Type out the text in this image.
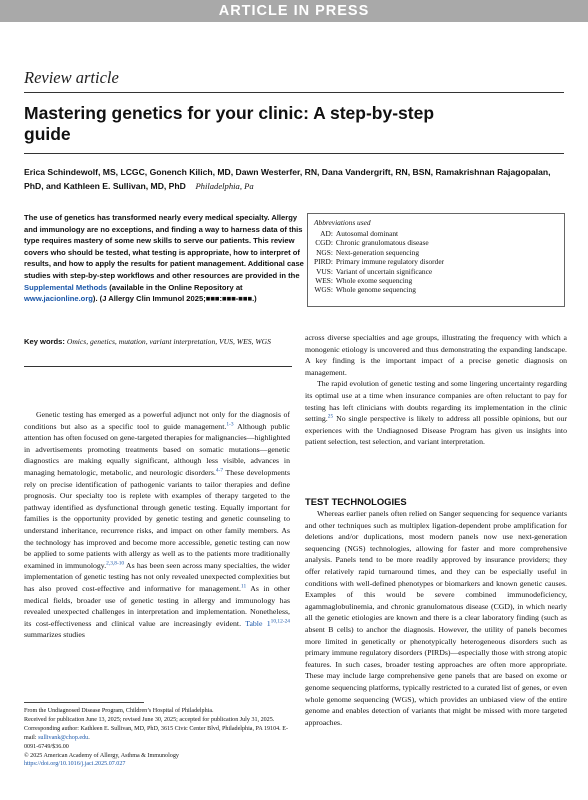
ARTICLE IN PRESS
Review article
Mastering genetics for your clinic: A step-by-step guide
Erica Schindewolf, MS, LCGC, Gonench Kilich, MD, Dawn Westerfer, RN, Dana Vandergrift, RN, BSN, Ramakrishnan Rajagopalan, PhD, and Kathleen E. Sullivan, MD, PhD Philadelphia, Pa
The use of genetics has transformed nearly every medical specialty. Allergy and immunology are no exceptions, and finding a way to harness data of this type requires mastery of some new skills to serve our patients. This review covers who should be tested, what testing is appropriate, how to interpret of results, and how to apply the results for patient management. Additional case studies with step-by-step workflows and other resources are provided in the Supplemental Methods (available in the Online Repository at www.jacionline.org). (J Allergy Clin Immunol 2025;■■■:■■■-■■■.)
Abbreviations used
AD:	Autosomal dominant
CGD:	Chronic granulomatous disease
NGS:	Next-generation sequencing
PIRD:	Primary immune regulatory disorder
VUS:	Variant of uncertain significance
WES:	Whole exome sequencing
WGS:	Whole genome sequencing
Key words: Omics, genetics, mutation, variant interpretation, VUS, WES, WGS

Genetic testing has emerged as a powerful adjunct not only for the diagnosis of conditions but also as a specific tool to guide management.$^{1-3}$ Although public attention has often focused on gene-targeted therapies for malignancies—highlighted in advertisements promoting treatments based on somatic mutations—genetic diagnostics are making equally significant, although less visible, advances in managing hematologic, metabolic, and neurologic disorders.$^{4-7}$ These developments rely on precise identification of pathogenic variants to tailor therapies and define prognosis. Our specialty too is replete with examples of therapy targeted to the pathway identified as dysfunctional through genetic testing. Equally important for families is the opportunity provided by genetic testing and genetic counseling to understand inheritance, recurrence risks, and impact on other family members. As the technology has improved and become more accessible, genetic testing can now be applied to some patients with allergy as well as to the patients more traditionally examined in immunology.$^{2,3,8-10}$ As has been seen across many specialties, the wider implementation of genetic testing has not only revealed unexpected complexities but has also proved cost-effective and informative for management.$^{11}$ As in other medical fields, broader use of genetic testing in allergy and immunology has revealed unexpected challenges in interpretation and implementation. Nonetheless, its cost-effectiveness and clinical value are increasingly evident. Table 1$^{10,12-24}$ summarizes studies

across diverse specialties and age groups, illustrating the frequency with which a monogenic etiology is uncovered and thus demonstrating the expanding landscape. A key finding is the important impact of a precise genetic diagnosis on management.

The rapid evolution of genetic testing and some lingering uncertainty regarding its optimal use at a time when insurance companies are often reluctant to pay for testing has left clinicians with doubts regarding its implementation in the clinic setting.$^{25}$ No single perspective is likely to address all possible opinions, but our experiences with the Undiagnosed Disease Program has given us insights into patient selection, test selection, and variant interpretation.

TEST TECHNOLOGIES

Whereas earlier panels often relied on Sanger sequencing for sequence variants and other techniques such as multiplex ligation-dependent probe amplification for deletions and/or duplications, most modern panels now use next-generation sequencing (NGS) technologies, allowing for faster and more comprehensive analysis. Panels tend to be more readily approved by insurance providers; they offer relatively rapid turnaround times, and they can be especially useful in conditions with well-defined phenotypes or biomarkers and known genetic causes. Examples of this would be severe combined immunodeficiency, agammaglobulinemia, and chronic granulomatous disease (CGD), in which nearly all the genetic etiologies are known and there is a clear laboratory finding (such as absent B cells) to anchor the diagnosis. However, the utility of panels becomes more limited in genetically or phenotypically heterogeneous disorders such as primary immune regulatory disorders (PIRDs)—especially those with strong atopic features. In such cases, broader testing approaches are often more appropriate. These may include large comprehensive gene panels that are based on exome or genome sequencing platforms, typically restricted to a curated list of genes, or even whole genome sequencing (WGS), which provides an unbiased view of the entire genome and enables detection of variants that might be missed with more targeted approaches.

From the Undiagnosed Disease Program, Children’s Hospital of Philadelphia.
Received for publication June 13, 2025; revised June 30, 2025; accepted for publication July 31, 2025.
Corresponding author: Kathleen E. Sullivan, MD, PhD, 3615 Civic Center Blvd, Philadelphia, PA 19104. E-mail: sullivank@chop.edu.
0091-6749/$36.00
© 2025 American Academy of Allergy, Asthma & Immunology
https://doi.org/10.1016/j.jaci.2025.07.027
